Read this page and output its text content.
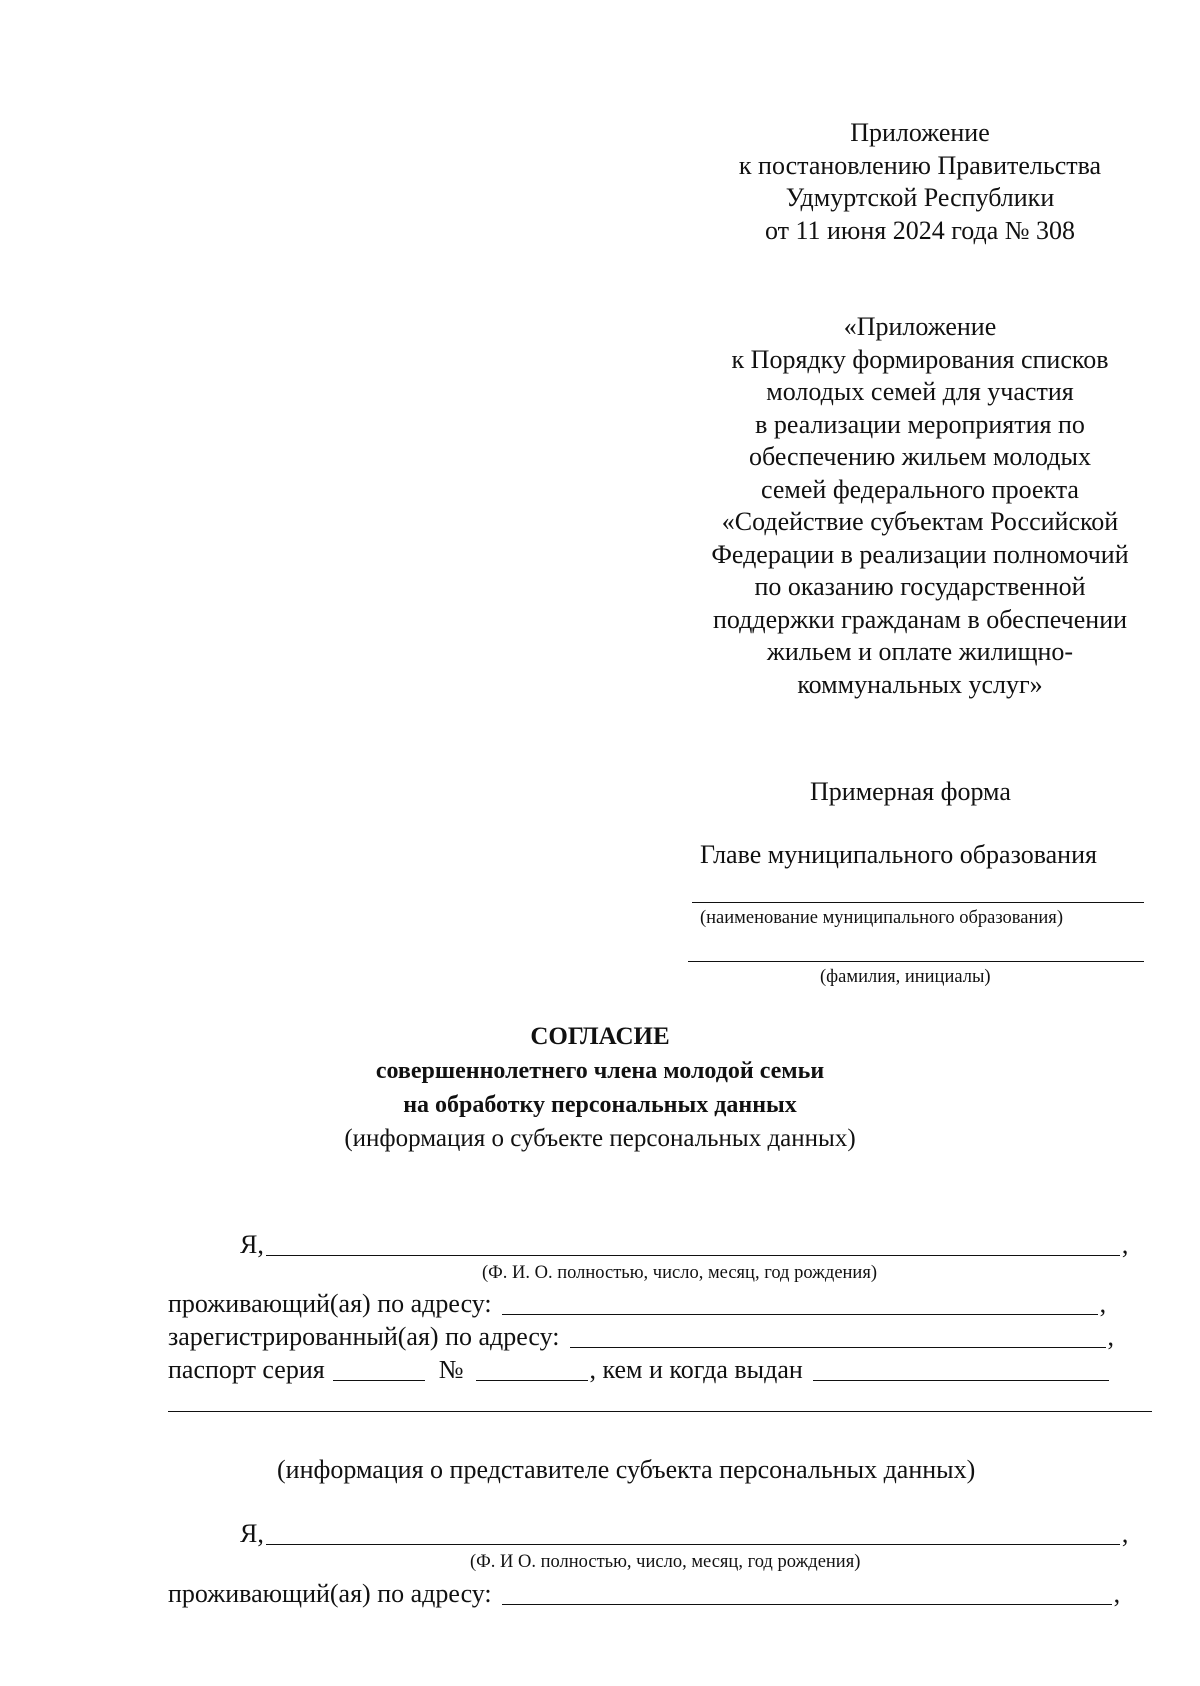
Приложение
к постановлению Правительства
Удмуртской Республики
от 11 июня 2024 года № 308
«Приложение
к Порядку формирования списков
молодых семей для участия
в реализации мероприятия по
обеспечению жильем молодых
семей федерального проекта
«Содействие субъектам Российской
Федерации в реализации полномочий
по оказанию государственной
поддержки гражданам в обеспечении
жильем и оплате жилищно-
коммунальных услуг»
Примерная форма
Главе муниципального образования
(наименование муниципального образования)
(фамилия, инициалы)
СОГЛАСИЕ
совершеннолетнего члена молодой семьи
на обработку персональных данных
(информация о субъекте персональных данных)
Я,	,
(Ф. И. О. полностью, число, месяц, год рождения)
проживающий(ая) по адресу:	,
зарегистрированный(ая) по адресу:	,
паспорт серия	№	, кем и когда выдан
(информация о представителе субъекта персональных данных)
Я,	,
(Ф. И О. полностью, число, месяц, год рождения)
проживающий(ая) по адресу:	,
